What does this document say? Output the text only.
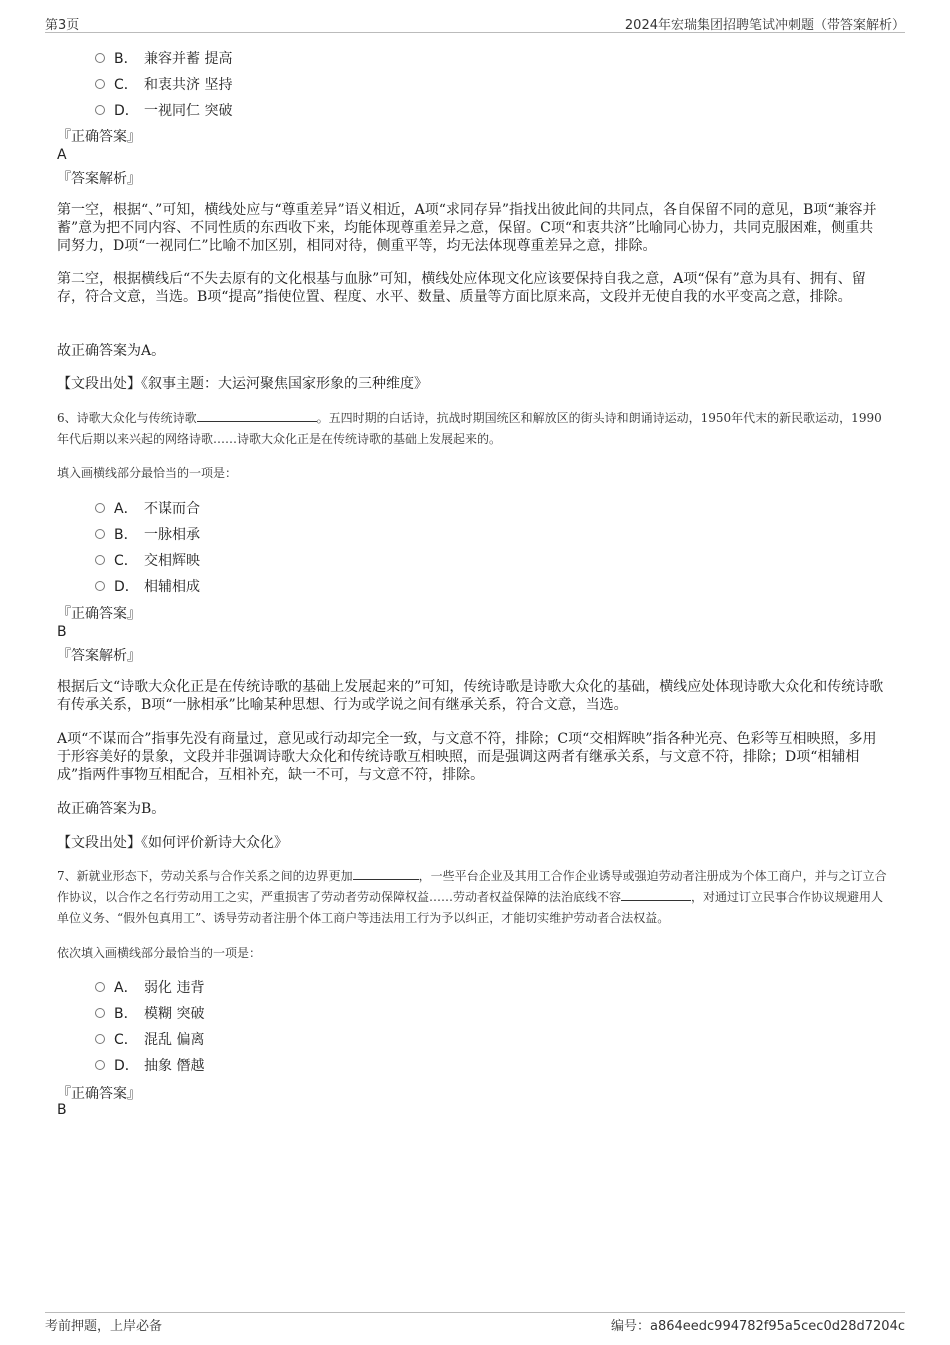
第3页	2024年宏瑞集团招聘笔试冲刺题（带答案解析）
B． 兼容并蓄 提高
C． 和衷共济 坚持
D． 一视同仁 突破
『正确答案』
A
『答案解析』
第一空，根据“、”可知，横线处应与“尊重差异”语义相近，A项“求同存异”指找出彼此间的共同点，各自保留不同的意见，B项“兼容并蓄”意为把不同内容、不同性质的东西收下来，均能体现尊重差异之意，保留。C项“和衷共济”比喻同心协力，共同克服困难，侧重共同努力，D项“一视同仁”比喻不加区别，相同对待，侧重平等，均无法体现尊重差异之意，排除。
第二空，根据横线后“不失去原有的文化根基与血脉”可知，横线处应体现文化应该要保持自我之意，A项“保有”意为具有、拥有、留存，符合文意，当选。B项“提高”指使位置、程度、水平、数量、质量等方面比原来高，文段并无使自我的水平变高之意，排除。
故正确答案为A。
【文段出处】《叙事主题：大运河聚焦国家形象的三种维度》
6、诗歌大众化与传统诗歌	。五四时期的白话诗，抗战时期国统区和解放区的街头诗和朗诵诗运动，1950年代末的新民歌运动，1990年代后期以来兴起的网络诗歌……诗歌大众化正是在传统诗歌的基础上发展起来的。
填入画横线部分最恰当的一项是：
A． 不谋而合
B． 一脉相承
C． 交相辉映
D． 相辅相成
『正确答案』
B
『答案解析』
根据后文“诗歌大众化正是在传统诗歌的基础上发展起来的”可知，传统诗歌是诗歌大众化的基础，横线应处体现诗歌大众化和传统诗歌有传承关系，B项“一脉相承”比喻某种思想、行为或学说之间有继承关系，符合文意，当选。
A项“不谋而合”指事先没有商量过，意见或行动却完全一致，与文意不符，排除；C项“交相辉映”指各种光亮、色彩等互相映照，多用于形容美好的景象，文段并非强调诗歌大众化和传统诗歌互相映照，而是强调这两者有继承关系，与文意不符，排除；D项“相辅相成”指两件事物互相配合，互相补充，缺一不可，与文意不符，排除。
故正确答案为B。
【文段出处】《如何评价新诗大众化》
7、新就业形态下，劳动关系与合作关系之间的边界更加	，一些平台企业及其用工合作企业诱导或强迫劳动者注册成为个体工商户，并与之订立合作协议，以合作之名行劳动用工之实，严重损害了劳动者劳动保障权益……劳动者权益保障的法治底线不容	，对通过订立民事合作协议规避用人单位义务、“假外包真用工”、诱导劳动者注册个体工商户等违法用工行为予以纠正，才能切实维护劳动者合法权益。
依次填入画横线部分最恰当的一项是：
A． 弱化 违背
B． 模糊 突破
C． 混乱 偏离
D． 抽象 僭越
『正确答案』
B
考前押题，上岸必备	编号：a864eedc994782f95a5cec0d28d7204c
